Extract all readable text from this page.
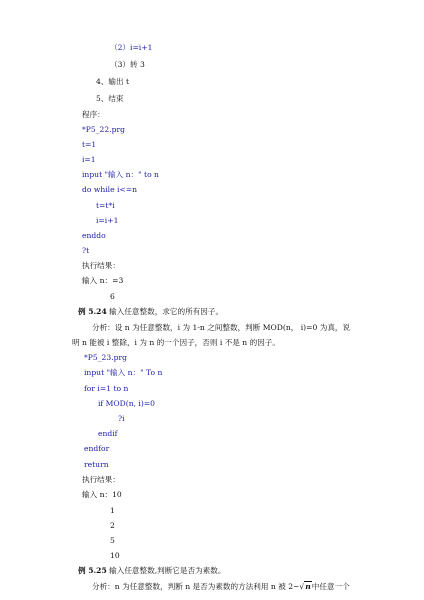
（2）i=i+1
（3）转 3
4、输出 t
5、结束
程序：
*P5_22.prg
t=1
i=1
input "输入 n：" to n
do while i<=n
t=t*i
i=i+1
enddo
?t
执行结果：
输入 n：=3
6
例 5.24 输入任意整数，求它的所有因子。
分析：设 n 为任意整数，i 为 1-n 之间整数，判断 MOD(n， i)=0 为真，说
明 n 能被 i 整除，i 为 n 的一个因子，否则 i 不是 n 的因子。
*P5_23.prg
input "输入 n：" To n
for i=1 to n
if MOD(n, i)=0
?i
endif
endfor
return
执行结果：
输入 n：10
1
2
5
10
例 5.25 输入任意整数,判断它是否为素数。
分析：n 为任意整数，判断 n 是否为素数的方法利用 n 被 2~√n中任意一个
